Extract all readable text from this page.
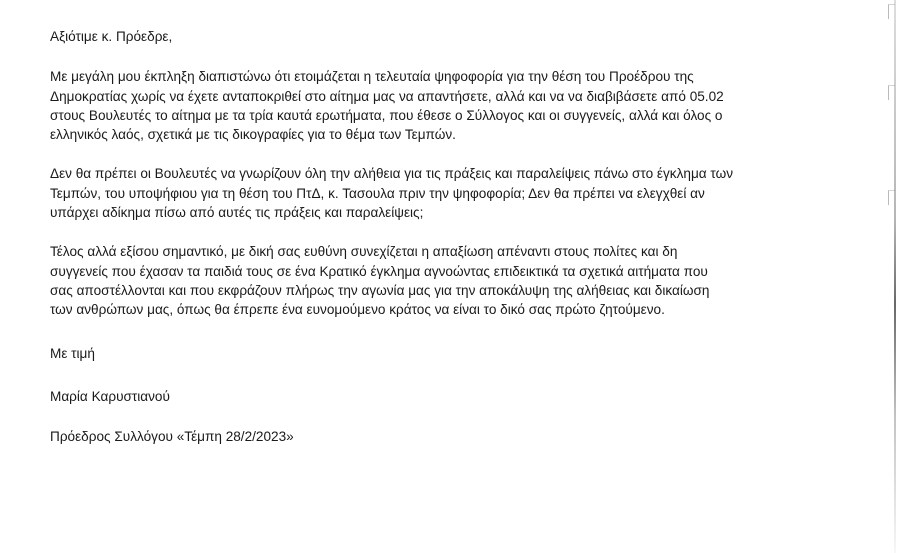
Αξιότιμε κ. Πρόεδρε,
Με μεγάλη μου έκπληξη διαπιστώνω ότι ετοιμάζεται η τελευταία ψηφοφορία για την θέση του Προέδρου της
Δημοκρατίας χωρίς να έχετε ανταποκριθεί στο αίτημα μας να απαντήσετε, αλλά και να να διαβιβάσετε από 05.02
στους Βουλευτές το αίτημα με τα τρία καυτά ερωτήματα, που έθεσε ο Σύλλογος και οι συγγενείς, αλλά και όλος ο
ελληνικός λαός, σχετικά με τις δικογραφίες για το θέμα των Τεμπών.
Δεν θα πρέπει οι Βουλευτές να γνωρίζουν όλη την αλήθεια για τις πράξεις και παραλείψεις πάνω στο έγκλημα των
Τεμπών, του υποψήφιου για τη θέση του ΠτΔ, κ. Τασουλα πριν την ψηφοφορία; Δεν θα πρέπει να ελεγχθεί αν
υπάρχει αδίκημα πίσω από αυτές τις πράξεις και παραλείψεις;
Τέλος αλλά εξίσου σημαντικό, με δική σας ευθύνη συνεχίζεται η απαξίωση απέναντι στους πολίτες και δη
συγγενείς που έχασαν τα παιδιά τους σε ένα Κρατικό έγκλημα αγνοώντας επιδεικτικά τα σχετικά αιτήματα που
σας αποστέλλονται και που εκφράζουν πλήρως την αγωνία μας για την αποκάλυψη της αλήθειας και δικαίωση
των ανθρώπων μας, όπως θα έπρεπε ένα ευνομούμενο κράτος να είναι το δικό σας πρώτο ζητούμενο.
Με τιμή
Μαρία Καρυστιανού
Πρόεδρος Συλλόγου «Τέμπη 28/2/2023»
